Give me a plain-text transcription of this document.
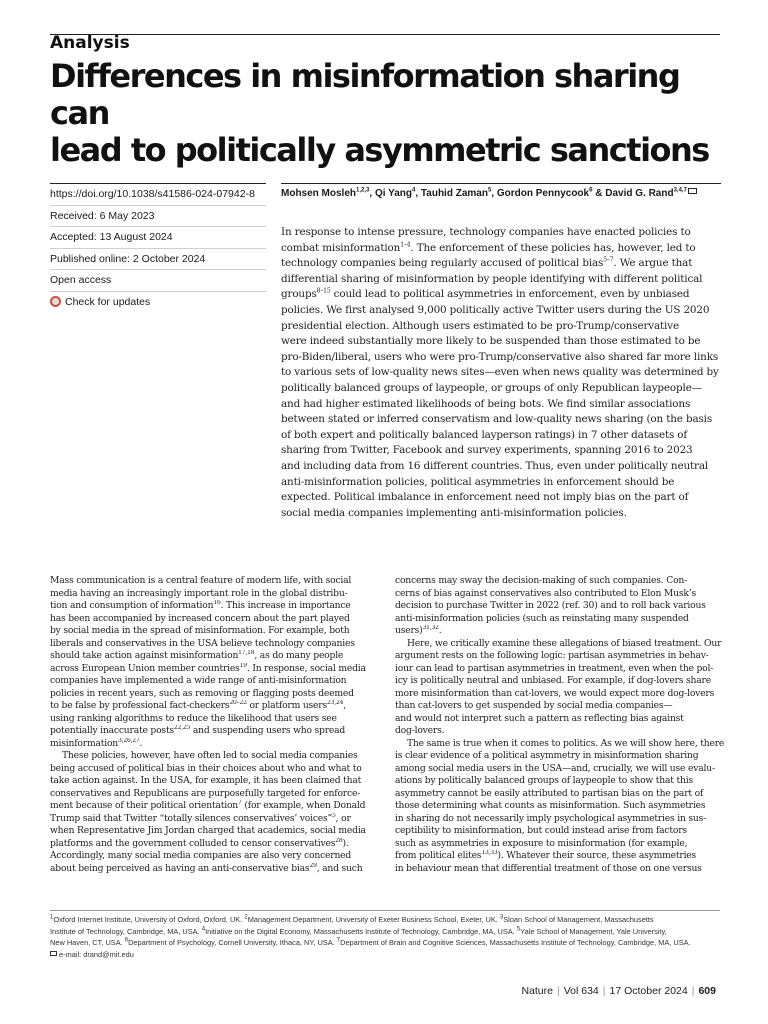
Analysis
Differences in misinformation sharing can
lead to politically asymmetric sanctions
https://doi.org/10.1038/s41586-024-07942-8
Received: 6 May 2023
Accepted: 13 August 2024
Published online: 2 October 2024
Open access
Check for updates
Mohsen Mosleh$^{1,2,3}$, Qi Yang$^4$, Tauhid Zaman$^5$, Gordon Pennycook$^6$ & David G. Rand$^{3,4,7}$
In response to intense pressure, technology companies have enacted policies to
combat misinformation$^{1-4}$. The enforcement of these policies has, however, led to
technology companies being regularly accused of political bias$^{5-7}$. We argue that
differential sharing of misinformation by people identifying with different political
groups$^{8-15}$ could lead to political asymmetries in enforcement, even by unbiased
policies. We first analysed 9,000 politically active Twitter users during the US 2020
presidential election. Although users estimated to be pro-Trump/conservative
were indeed substantially more likely to be suspended than those estimated to be
pro-Biden/liberal, users who were pro-Trump/conservative also shared far more links
to various sets of low-quality news sites—even when news quality was determined by
politically balanced groups of laypeople, or groups of only Republican laypeople—
and had higher estimated likelihoods of being bots. We find similar associations
between stated or inferred conservatism and low-quality news sharing (on the basis
of both expert and politically balanced layperson ratings) in 7 other datasets of
sharing from Twitter, Facebook and survey experiments, spanning 2016 to 2023
and including data from 16 different countries. Thus, even under politically neutral
anti-misinformation policies, political asymmetries in enforcement should be
expected. Political imbalance in enforcement need not imply bias on the part of
social media companies implementing anti-misinformation policies.
Mass communication is a central feature of modern life, with social
media having an increasingly important role in the global distribu-
tion and consumption of information$^{16}$. This increase in importance
has been accompanied by increased concern about the part played
by social media in the spread of misinformation. For example, both
liberals and conservatives in the USA believe technology companies
should take action against misinformation$^{17,18}$, as do many people
across European Union member countries$^{19}$. In response, social media
companies have implemented a wide range of anti-misinformation
policies in recent years, such as removing or flagging posts deemed
to be false by professional fact-checkers$^{20-22}$ or platform users$^{23,24}$,
using ranking algorithms to reduce the likelihood that users see
potentially inaccurate posts$^{22,25}$ and suspending users who spread
misinformation$^{3,26,27}$.
These policies, however, have often led to social media companies
being accused of political bias in their choices about who and what to
take action against. In the USA, for example, it has been claimed that
conservatives and Republicans are purposefully targeted for enforce-
ment because of their political orientation$^7$ (for example, when Donald
Trump said that Twitter “totally silences conservatives’ voices”$^5$, or
when Representative Jim Jordan charged that academics, social media
platforms and the government colluded to censor conservatives$^{28}$).
Accordingly, many social media companies are also very concerned
about being perceived as having an anti-conservative bias$^{29}$, and such
concerns may sway the decision-making of such companies. Con-
cerns of bias against conservatives also contributed to Elon Musk’s
decision to purchase Twitter in 2022 (ref. 30) and to roll back various
anti-misinformation policies (such as reinstating many suspended
users)$^{31,32}$.
Here, we critically examine these allegations of biased treatment. Our
argument rests on the following logic: partisan asymmetries in behav-
iour can lead to partisan asymmetries in treatment, even when the pol-
icy is politically neutral and unbiased. For example, if dog-lovers share
more misinformation than cat-lovers, we would expect more dog-lovers
than cat-lovers to get suspended by social media companies—
and would not interpret such a pattern as reflecting bias against
dog-lovers.
The same is true when it comes to politics. As we will show here, there
is clear evidence of a political asymmetry in misinformation sharing
among social media users in the USA—and, crucially, we will use evalu-
ations by politically balanced groups of laypeople to show that this
asymmetry cannot be easily attributed to partisan bias on the part of
those determining what counts as misinformation. Such asymmetries
in sharing do not necessarily imply psychological asymmetries in sus-
ceptibility to misinformation, but could instead arise from factors
such as asymmetries in exposure to misinformation (for example,
from political elites$^{13,33}$). Whatever their source, these asymmetries
in behaviour mean that differential treatment of those on one versus
$^1$Oxford Internet Institute, University of Oxford, Oxford, UK. $^2$Management Department, University of Exeter Business School, Exeter, UK. $^3$Sloan School of Management, Massachusetts
Institute of Technology, Cambridge, MA, USA. $^4$Initiative on the Digital Economy, Massachusetts Institute of Technology, Cambridge, MA, USA. $^5$Yale School of Management, Yale University,
New Haven, CT, USA. $^6$Department of Psychology, Cornell University, Ithaca, NY, USA. $^7$Department of Brain and Cognitive Sciences, Massachusetts Institute of Technology, Cambridge, MA, USA.
e-mail: drand@mit.edu
Nature | Vol 634 | 17 October 2024 | 609
